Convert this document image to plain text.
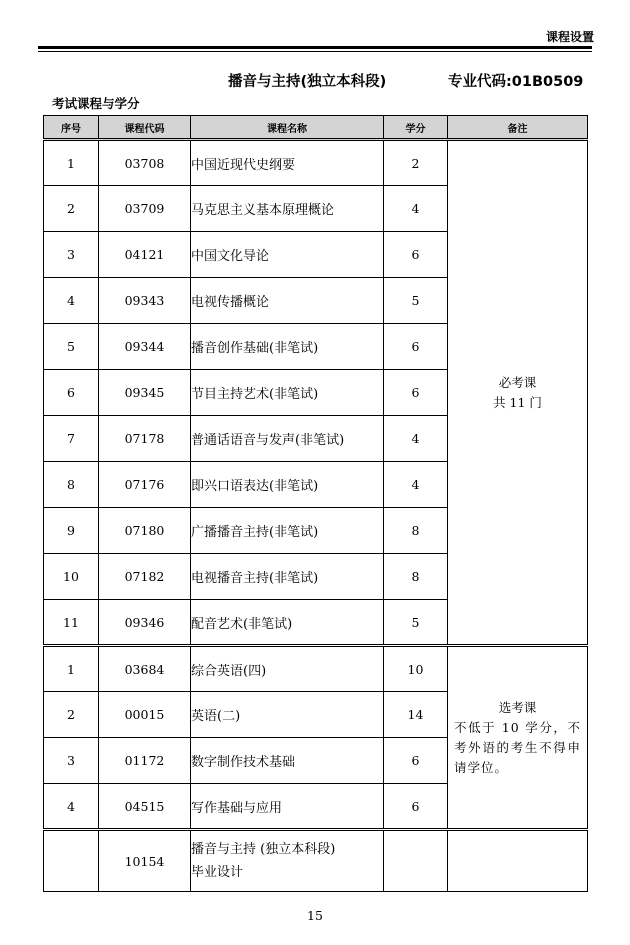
课程设置
播音与主持(独立本科段)	专业代码:01B0509
考试课程与学分
序号	课程代码	课程名称	学分	备注
1	03708	中国近现代史纲要	2	必考课
共 11 门

2	03709	马克思主义基本原理概论	4	
3	04121	中国文化导论	6	
4	09343	电视传播概论	5	
5	09344	播音创作基础(非笔试)	6	
6	09345	节目主持艺术(非笔试)	6	
7	07178	普通话语音与发声(非笔试)	4	
8	07176	即兴口语表达(非笔试)	4	
9	07180	广播播音主持(非笔试)	8	
10	07182	电视播音主持(非笔试)	8	
11	09346	配音艺术(非笔试)	5	
1	03684	综合英语(四)	10	选考课
不低于 10 学分，不考外语的考生不得申请学位。

2	00015	英语(二)	14	
3	01172	数字制作技术基础	6	
4	04515	写作基础与应用	6	
	10154	播音与主持 (独立本科段)
毕业设计		

15
